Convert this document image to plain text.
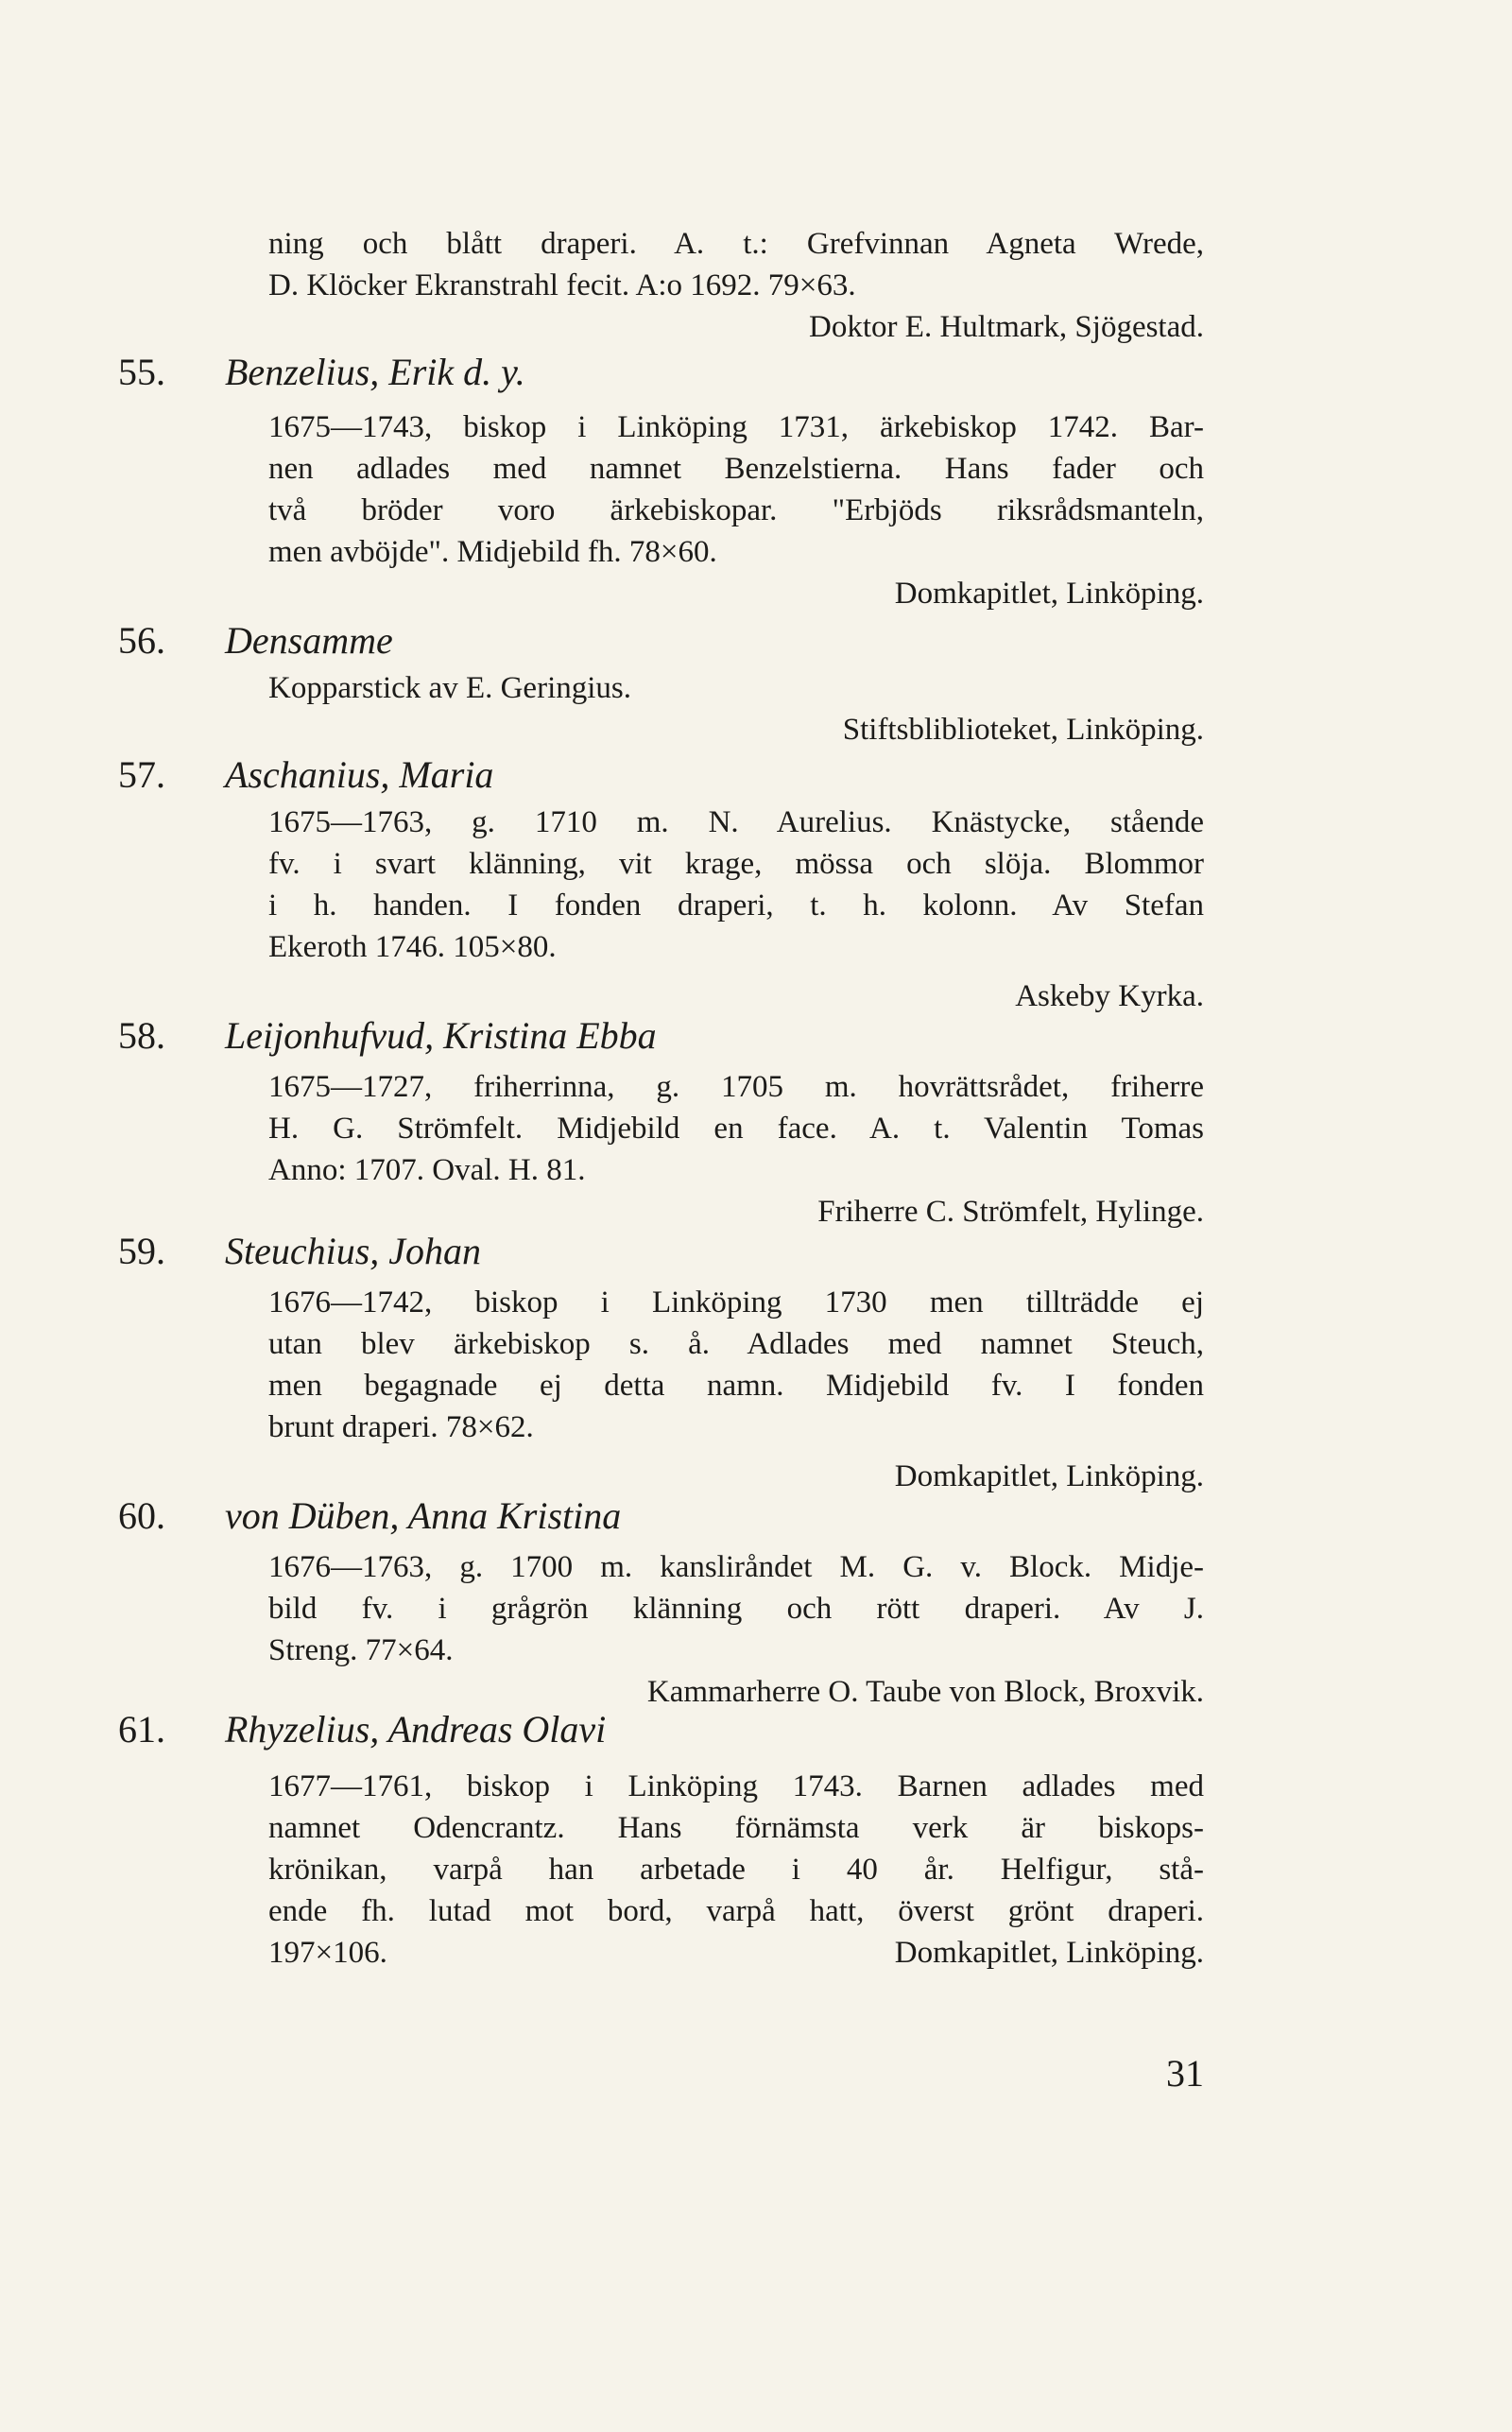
ning och blått draperi. A. t.: Grefvinnan Agneta Wrede,
D. Klöcker Ekranstrahl fecit. A:o 1692. 79×63.
Doktor E. Hultmark, Sjögestad.
55. Benzelius, Erik d. y.
1675—1743, biskop i Linköping 1731, ärkebiskop 1742. Bar-
nen adlades med namnet Benzelstierna. Hans fader och
två bröder voro ärkebiskopar. "Erbjöds riksrådsmanteln,
men avböjde". Midjebild fh. 78×60.
Domkapitlet, Linköping.
56. Densamme
Kopparstick av E. Geringius.
Stiftsbliblioteket, Linköping.
57. Aschanius, Maria
1675—1763, g. 1710 m. N. Aurelius. Knästycke, stående
fv. i svart klänning, vit krage, mössa och slöja. Blommor
i h. handen. I fonden draperi, t. h. kolonn. Av Stefan
Ekeroth 1746. 105×80.
Askeby Kyrka.
58. Leijonhufvud, Kristina Ebba
1675—1727, friherrinna, g. 1705 m. hovrättsrådet, friherre
H. G. Strömfelt. Midjebild en face. A. t. Valentin Tomas
Anno: 1707. Oval. H. 81.
Friherre C. Strömfelt, Hylinge.
59. Steuchius, Johan
1676—1742, biskop i Linköping 1730 men tillträdde ej
utan blev ärkebiskop s. å. Adlades med namnet Steuch,
men begagnade ej detta namn. Midjebild fv. I fonden
brunt draperi. 78×62.
Domkapitlet, Linköping.
60. von Düben, Anna Kristina
1676—1763, g. 1700 m. kansliråndet M. G. v. Block. Midje-
bild fv. i grågrön klänning och rött draperi. Av J.
Streng. 77×64.
Kammarherre O. Taube von Block, Broxvik.
61. Rhyzelius, Andreas Olavi
1677—1761, biskop i Linköping 1743. Barnen adlades med
namnet Odencrantz. Hans förnämsta verk är biskops-
krönikan, varpå han arbetade i 40 år. Helfigur, stå-
ende fh. lutad mot bord, varpå hatt, överst grönt draperi.
197×106.	Domkapitlet, Linköping.
31
